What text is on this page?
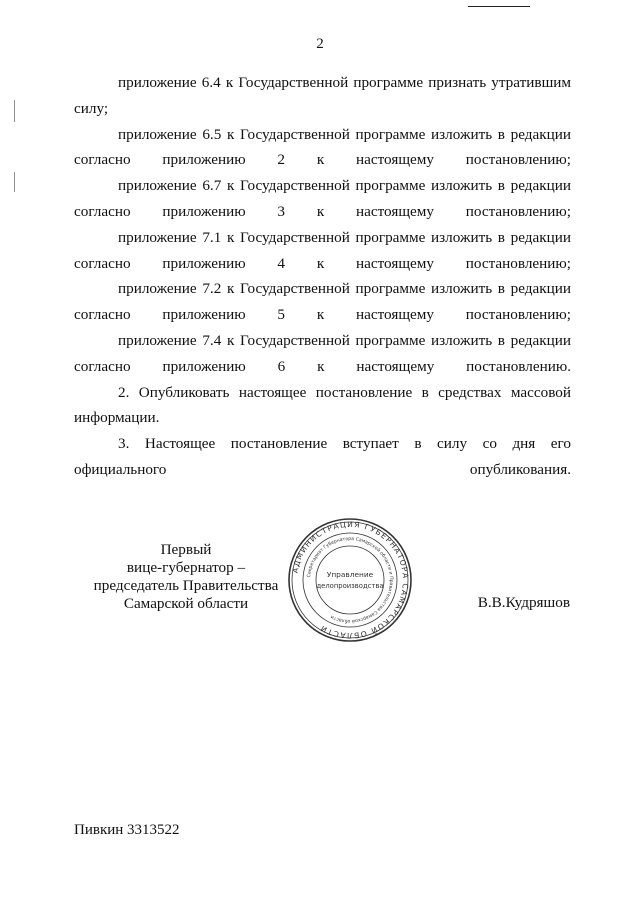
2

приложение 6.4 к Государственной программе признать утратившим силу;

приложение 6.5 к Государственной программе изложить в редакции согласно приложению 2 к настоящему постановлению;

приложение 6.7 к Государственной программе изложить в редакции согласно приложению 3 к настоящему постановлению;

приложение 7.1 к Государственной программе изложить в редакции согласно приложению 4 к настоящему постановлению;

приложение 7.2 к Государственной программе изложить в редакции согласно приложению 5 к настоящему постановлению;

приложение 7.4 к Государственной программе изложить в редакции согласно приложению 6 к настоящему постановлению.

2. Опубликовать настоящее постановление в средствах массовой информации.

3. Настоящее постановление вступает в силу со дня его официального опубликования.

Первый
вице-губернатор –
председатель Правительства
Самарской области
АДМИНИСТРАЦИЯ ГУБЕРНАТОРА САМАРСКОЙ ОБЛАСТИ
Секретариат Губернатора Самарской области и Правительства Самарской области
Управление
делопроизводства
В.В.Кудряшов
Пивкин 3313522
